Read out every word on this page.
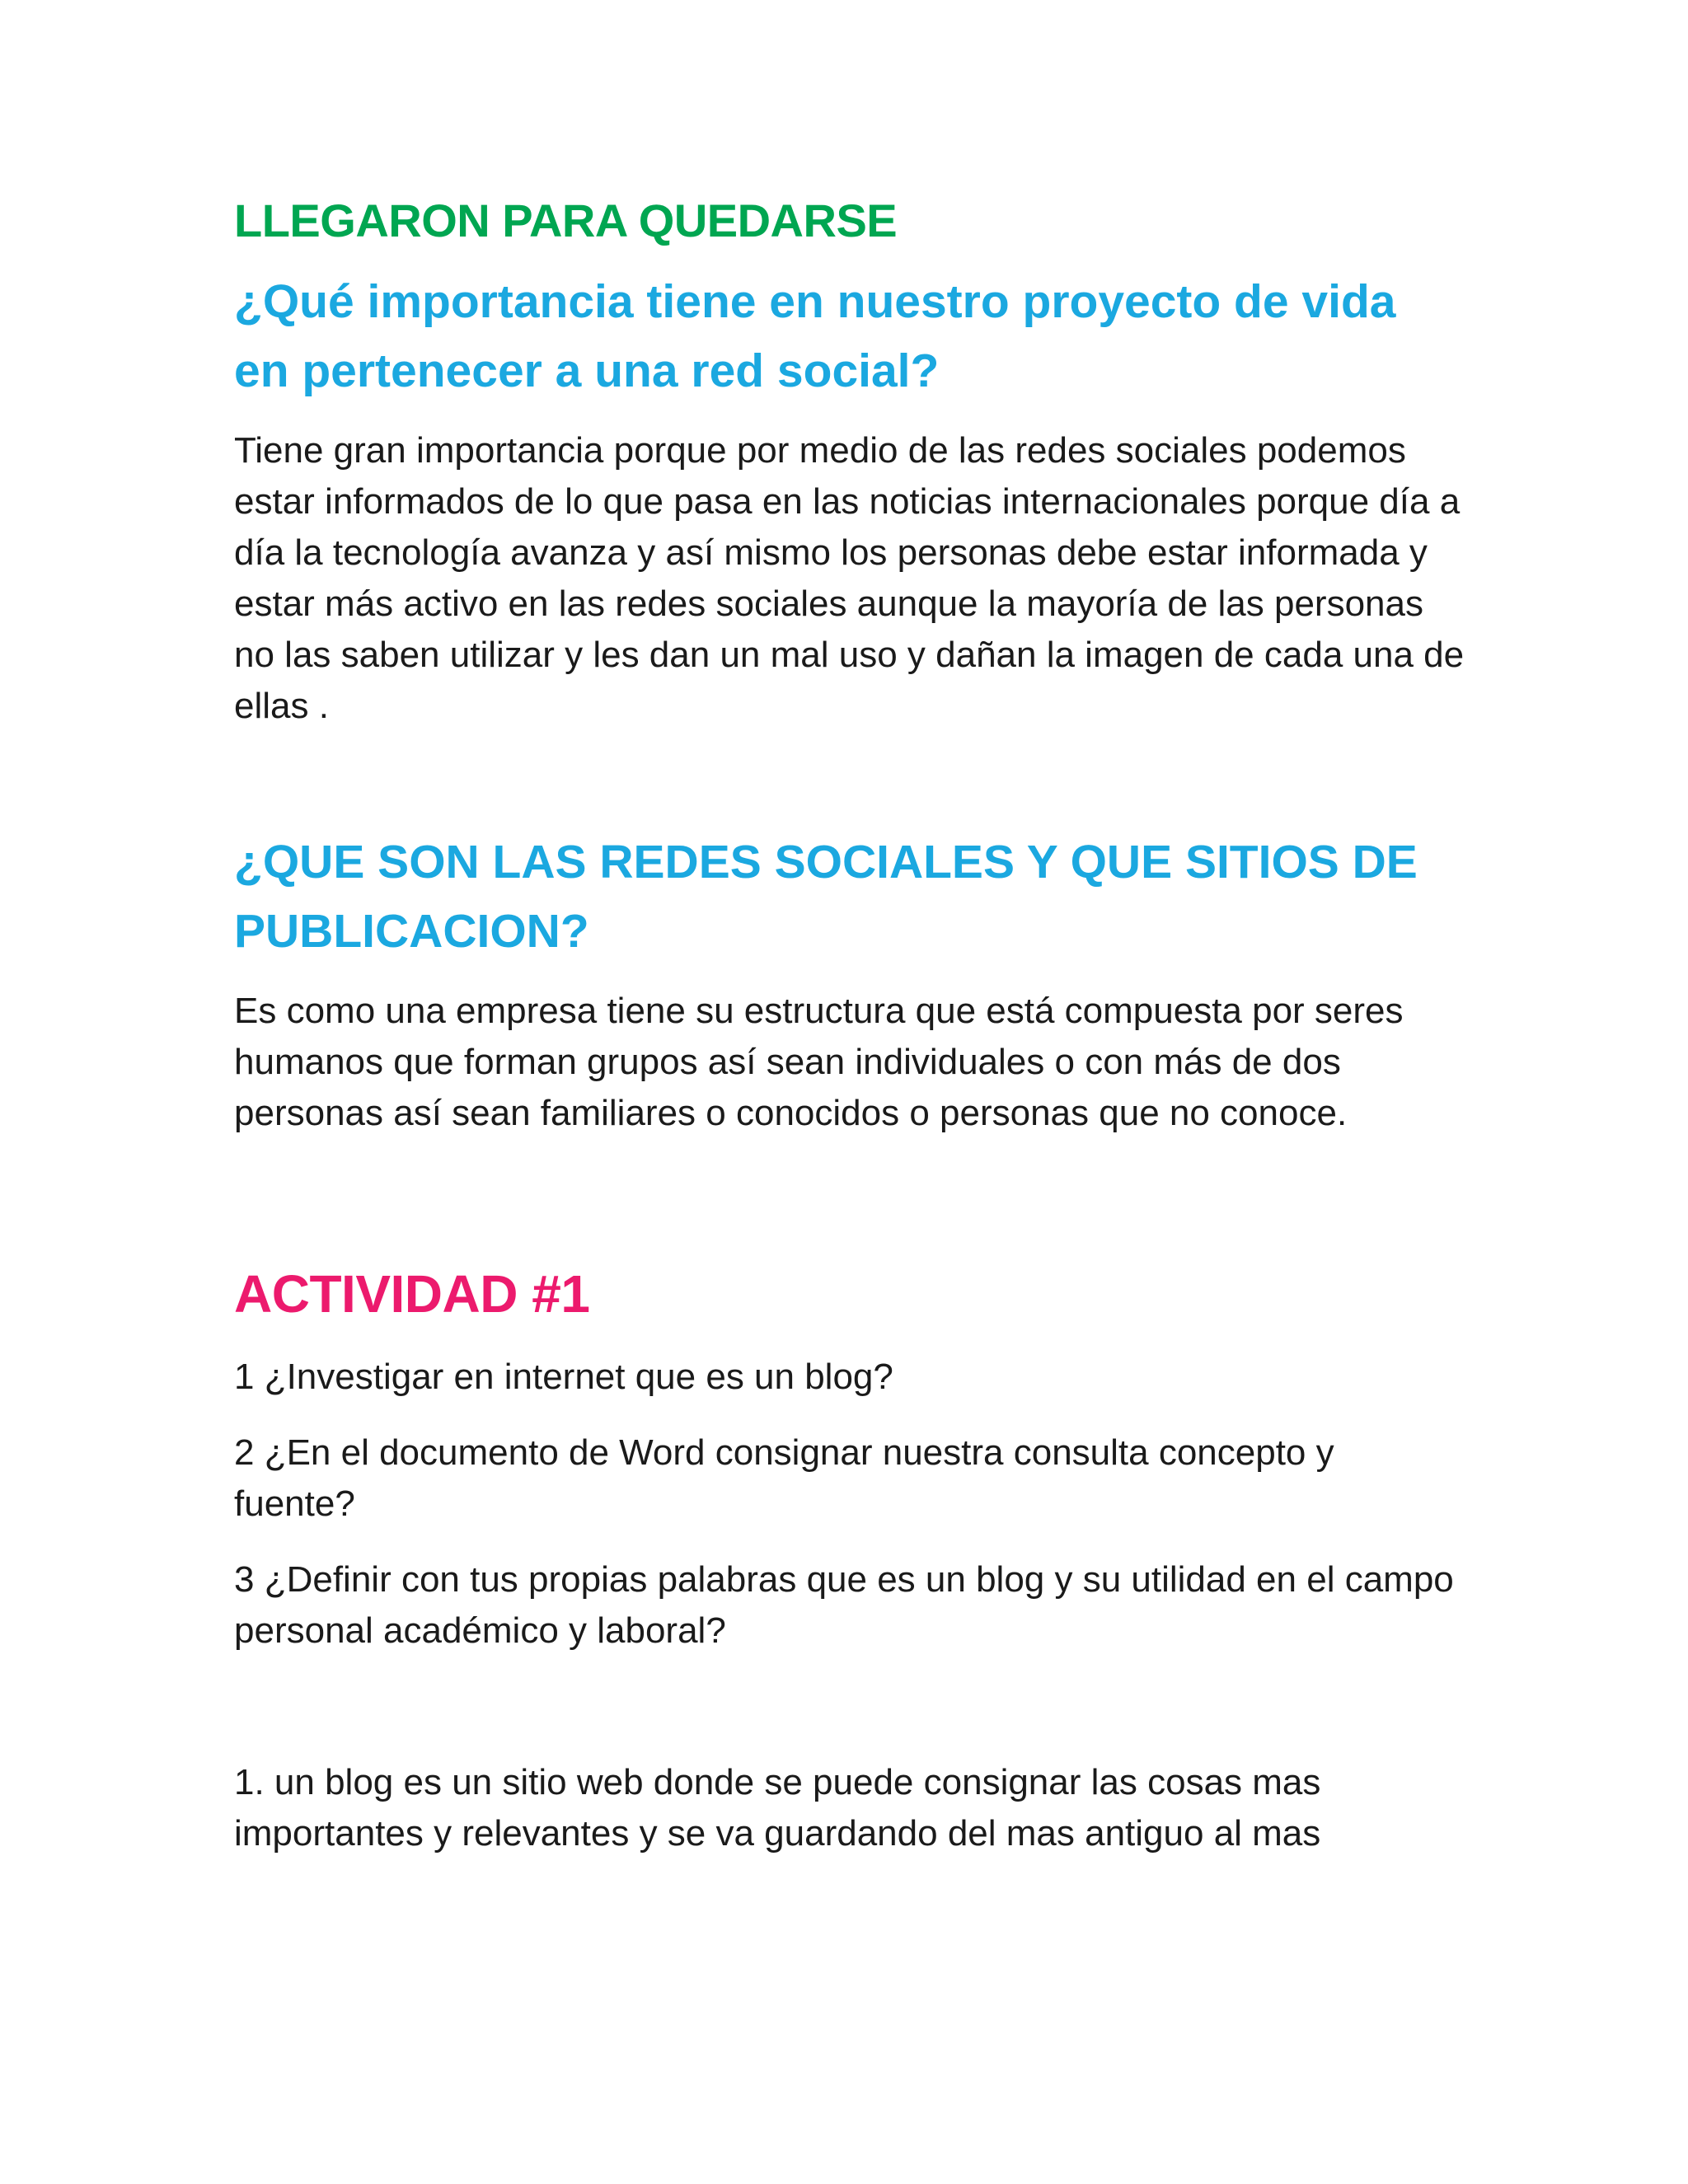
LLEGARON PARA QUEDARSE
¿Qué importancia tiene en nuestro proyecto de vida en pertenecer a una red social?

Tiene gran importancia porque por medio de las redes sociales podemos estar informados de lo que pasa en las noticias internacionales porque día a día la tecnología avanza y así mismo los personas debe estar informada y estar más activo en las redes sociales aunque la mayoría de las personas no las saben utilizar y les dan un mal uso y dañan la imagen de cada una de ellas .

¿QUE SON LAS REDES SOCIALES Y QUE SITIOS DE PUBLICACION?

Es como una empresa tiene su estructura que está compuesta por seres humanos que forman grupos así sean individuales o con más de dos personas así sean familiares o conocidos o personas que no conoce.

ACTIVIDAD #1

1 ¿Investigar en internet que es un blog?

2 ¿En el documento de Word consignar nuestra consulta concepto y fuente?

3 ¿Definir con tus propias palabras que es un blog y su utilidad en el campo personal académico y laboral?

1. un blog es un sitio web donde se puede consignar las cosas mas importantes y relevantes y se va guardando del mas antiguo al mas
